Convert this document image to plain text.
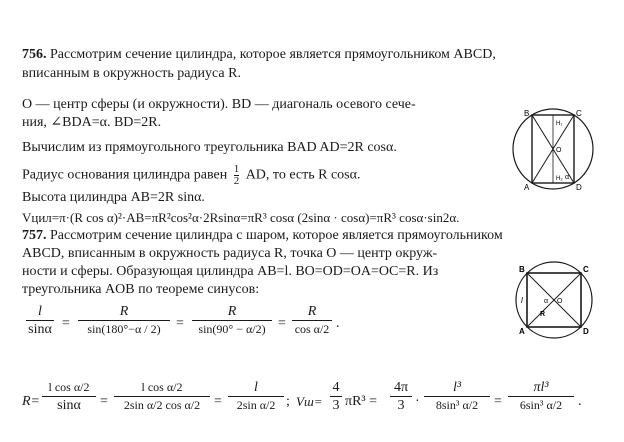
756. Рассмотрим сечение цилиндра, которое является прямоугольником ABCD,
вписанным в окружность радиуса R.
O — центр сферы (и окружности). BD — диагональ осевого сече-
ния, ∠BDA=α. BD=2R.
Вычислим из прямоугольного треугольника BAD AD=2R cosα.
Радиус основания цилиндра равен $\frac{1}{2}$ AD, то есть R cosα.
Высота цилиндра AB=2R sinα.
Vцил=π·(R cos α)²·AB=πR²cos²α·2Rsinα=πR³ cosα (2sinα · cosα)=πR³ cosα·sin2α.
B	C
A	D
O
H₁
H₂ α
757. Рассмотрим сечение цилиндра с шаром, которое является прямоугольником
ABCD, вписанным в окружность радиуса R, точка O — центр окруж-
ности и сферы. Образующая цилиндра AB=l. BO=OD=OA=OC=R. Из
треугольника AOB по теореме синусов:
B	C
A	D
O
l
R
α
l
sinα =
R
sin(180°−α / 2)	=
R
sin(90° − α/2) =
R
cos α/2 .
R=
l cos α/2
sinα	=
l cos α/2
2sin α/2 cos α/2 =
l
2sin α/2 ; Vш=
4
3 πR³ =
4π
3 ·
l³
8sin³ α/2	=
πl³
6sin³ α/2	.
